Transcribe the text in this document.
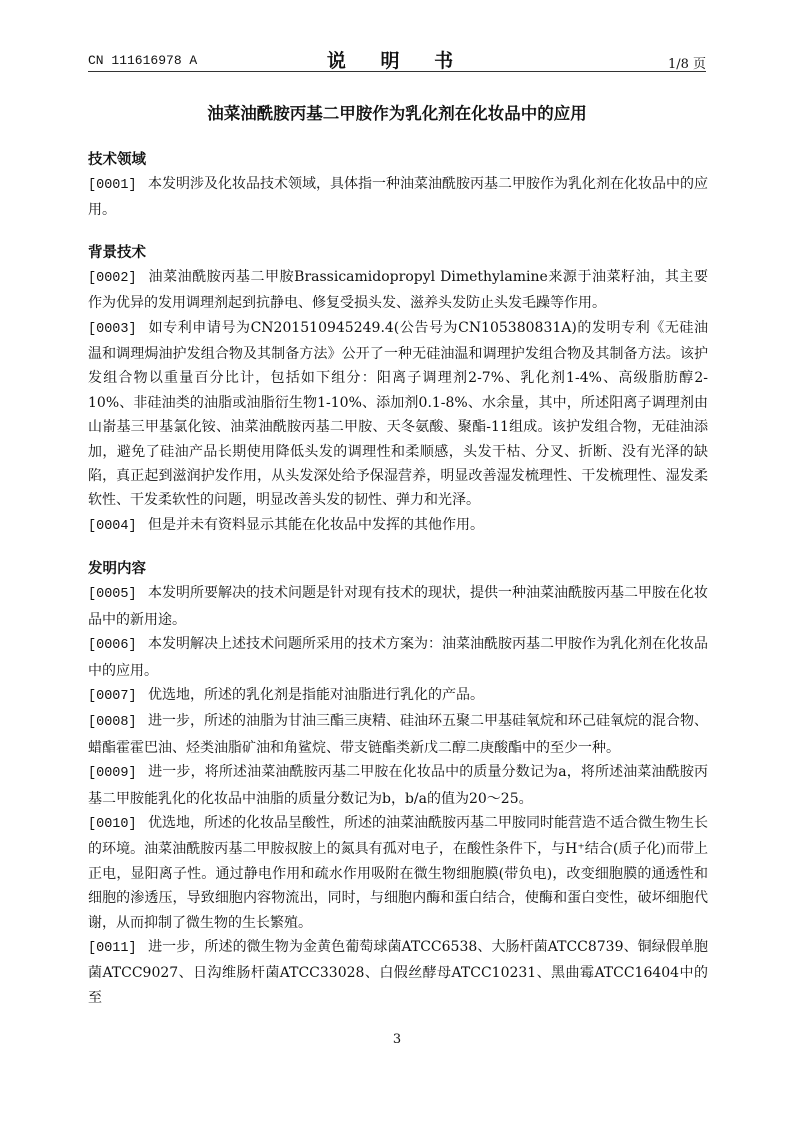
CN 111616978 A	说 明 书	1/8 页
油菜油酰胺丙基二甲胺作为乳化剂在化妆品中的应用
技术领域
[0001] 本发明涉及化妆品技术领域，具体指一种油菜油酰胺丙基二甲胺作为乳化剂在化妆品中的应用。
背景技术
[0002] 油菜油酰胺丙基二甲胺Brassicamidopropyl Dimethylamine来源于油菜籽油，其主要作为优异的发用调理剂起到抗静电、修复受损头发、滋养头发防止头发毛躁等作用。
[0003] 如专利申请号为CN201510945249.4(公告号为CN105380831A)的发明专利《无硅油温和调理焗油护发组合物及其制备方法》公开了一种无硅油温和调理护发组合物及其制备方法。该护发组合物以重量百分比计，包括如下组分：阳离子调理剂2-7%、乳化剂1-4%、高级脂肪醇2-10%、非硅油类的油脂或油脂衍生物1-10%、添加剂0.1-8%、水余量，其中，所述阳离子调理剂由山嵛基三甲基氯化铵、油菜油酰胺丙基二甲胺、天冬氨酸、聚酯-11组成。该护发组合物，无硅油添加，避免了硅油产品长期使用降低头发的调理性和柔顺感，头发干枯、分叉、折断、没有光泽的缺陷，真正起到滋润护发作用，从头发深处给予保湿营养，明显改善湿发梳理性、干发梳理性、湿发柔软性、干发柔软性的问题，明显改善头发的韧性、弹力和光泽。
[0004] 但是并未有资料显示其能在化妆品中发挥的其他作用。
发明内容
[0005] 本发明所要解决的技术问题是针对现有技术的现状，提供一种油菜油酰胺丙基二甲胺在化妆品中的新用途。
[0006] 本发明解决上述技术问题所采用的技术方案为：油菜油酰胺丙基二甲胺作为乳化剂在化妆品中的应用。
[0007] 优选地，所述的乳化剂是指能对油脂进行乳化的产品。
[0008] 进一步，所述的油脂为甘油三酯三庚精、硅油环五聚二甲基硅氧烷和环己硅氧烷的混合物、蜡酯霍霍巴油、烃类油脂矿油和角鲨烷、带支链酯类新戊二醇二庚酸酯中的至少一种。
[0009] 进一步，将所述油菜油酰胺丙基二甲胺在化妆品中的质量分数记为a，将所述油菜油酰胺丙基二甲胺能乳化的化妆品中油脂的质量分数记为b，b/a的值为20～25。
[0010] 优选地，所述的化妆品呈酸性，所述的油菜油酰胺丙基二甲胺同时能营造不适合微生物生长的环境。油菜油酰胺丙基二甲胺叔胺上的氮具有孤对电子，在酸性条件下，与H⁺结合(质子化)而带上正电，显阳离子性。通过静电作用和疏水作用吸附在微生物细胞膜(带负电)，改变细胞膜的通透性和细胞的渗透压，导致细胞内容物流出，同时，与细胞内酶和蛋白结合，使酶和蛋白变性，破坏细胞代谢，从而抑制了微生物的生长繁殖。
[0011] 进一步，所述的微生物为金黄色葡萄球菌ATCC6538、大肠杆菌ATCC8739、铜绿假单胞菌ATCC9027、日沟维肠杆菌ATCC33028、白假丝酵母ATCC10231、黑曲霉ATCC16404中的至
3
